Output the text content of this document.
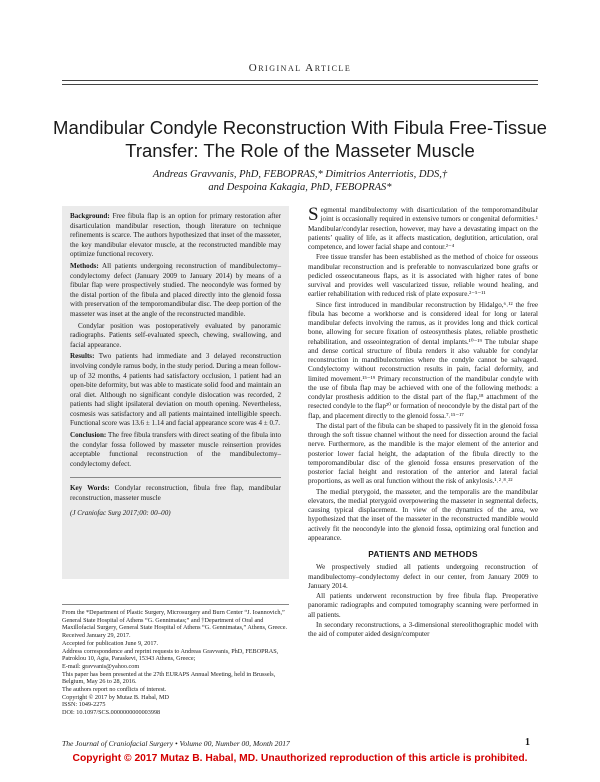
Original Article
Mandibular Condyle Reconstruction With Fibula Free-Tissue Transfer: The Role of the Masseter Muscle
Andreas Gravvanis, PhD, FEBOPRAS,* Dimitrios Anterriotis, DDS,†
and Despoina Kakagia, PhD, FEBOPRAS*

Background: Free fibula flap is an option for primary restoration after disarticulation mandibular resection, though literature on technique refinements is scarce. The authors hypothesized that inset of the masseter, the key mandibular elevator muscle, at the reconstructed mandible may optimize functional recovery.

Methods: All patients undergoing reconstruction of mandibulectomy–condylectomy defect (January 2009 to January 2014) by means of a fibular flap were prospectively studied. The neocondyle was formed by the distal portion of the fibula and placed directly into the glenoid fossa with preservation of the temporomandibular disc. The deep portion of the masseter was inset at the angle of the reconstructed mandible.

Condylar position was postoperatively evaluated by panoramic radiographs. Patients self-evaluated speech, chewing, swallowing, and facial appearance.

Results: Two patients had immediate and 3 delayed reconstruction involving condyle ramus body, in the study period. During a mean follow-up of 32 months, 4 patients had satisfactory occlusion, 1 patient had an open-bite deformity, but was able to masticate solid food and maintain an oral diet. Although no significant condyle dislocation was recorded, 2 patients had slight ipsilateral deviation on mouth opening. Nevertheless, cosmesis was satisfactory and all patients maintained intelligible speech. Functional score was 13.6 ± 1.14 and facial appearance score was 4 ± 0.7.

Conclusion: The free fibula transfers with direct seating of the fibula into the condylar fossa followed by masseter muscle reinsertion provides acceptable functional reconstruction of the mandibulectomy–condylectomy defect.

Key Words: Condylar reconstruction, fibula free flap, mandibular reconstruction, masseter muscle

(J Craniofac Surg 2017;00: 00–00)

From the *Department of Plastic Surgery, Microsurgery and Burn Center “J. Ioannovich,” General State Hospital of Athens “G. Gennimatas;” and †Department of Oral and Maxillofacial Surgery, General State Hospital of Athens “G. Gennimatas,” Athens, Greece.

Received January 29, 2017.

Accepted for publication June 9, 2017.

Address correspondence and reprint requests to Andreas Gravvanis, PhD, FEBOPRAS, Patroklou 10, Agia, Paraskevi, 15343 Athens, Greece;

E-mail: gravvanis@yahoo.com

This paper has been presented at the 27th EURAPS Annual Meeting, held in Brussels, Belgium, May 26 to 28, 2016.

The authors report no conflicts of interest.

Copyright © 2017 by Mutaz B. Habal, MD

ISSN: 1049-2275

DOI: 10.1097/SCS.0000000000003998

Segmental mandibulectomy with disarticulation of the temporomandibular joint is occasionally required in extensive tumors or congenital deformities.¹ Mandibular/condylar resection, however, may have a devastating impact on the patients’ quality of life, as it affects mastication, deglutition, articulation, oral competence, and lower facial shape and contour.²⁻⁴

Free tissue transfer has been established as the method of choice for osseous mandibular reconstruction and is preferable to nonvascularized bone grafts or pedicled osseocutaneous flaps, as it is associated with higher rates of bone survival and provides well vascularized tissue, reliable wound healing, and earlier rehabilitation with reduced risk of plate exposure.²⁻⁵⁻¹¹

Since first introduced in mandibular reconstruction by Hidalgo,⁶˒¹² the free fibula has become a workhorse and is considered ideal for long or lateral mandibular defects involving the ramus, as it provides long and thick cortical bone, allowing for secure fixation of osteosynthesis plates, reliable prosthetic rehabilitation, and osseointegration of dental implants.¹⁰⁻¹⁹ The tubular shape and dense cortical structure of fibula renders it also valuable for condylar reconstruction in mandibulectomies where the condyle cannot be salvaged. Condylectomy without reconstruction results in pain, facial deformity, and limited movement.¹⁵⁻¹⁹ Primary reconstruction of the mandibular condyle with the use of fibula flap may be achieved with one of the following methods: a condylar prosthesis addition to the distal part of the flap,¹⁸ attachment of the resected condyle to the flap²⁰ or formation of neocondyle by the distal part of the flap, and placement directly to the glenoid fossa.⁷˒¹⁵⁻¹⁷

The distal part of the fibula can be shaped to passively fit in the glenoid fossa through the soft tissue channel without the need for dissection around the facial nerve. Furthermore, as the mandible is the major element of the anterior and posterior lower facial height, the adaptation of the fibula directly to the temporomandibular disc of the glenoid fossa ensures preservation of the posterior facial height and restoration of the anterior and lateral facial proportions, as well as oral function without the risk of ankylosis.¹˒²˒⁸˒²²

The medial pterygoid, the masseter, and the temporalis are the mandibular elevators, the medial pterygoid overpowering the masseter in segmental defects, causing typical displacement. In view of the dynamics of the area, we hypothesized that the inset of the masseter in the reconstructed mandible would actively fit the neocondyle into the glenoid fossa, optimizing oral function and appearance.

PATIENTS AND METHODS

We prospectively studied all patients undergoing reconstruction of mandibulectomy–condylectomy defect in our center, from January 2009 to January 2014.

All patients underwent reconstruction by free fibula flap. Preoperative panoramic radiographs and computed tomography scanning were performed in all patients.

In secondary reconstructions, a 3-dimensional stereolithographic model with the aid of computer aided design/computer

The Journal of Craniofacial Surgery • Volume 00, Number 00, Month 2017	1
Copyright © 2017 Mutaz B. Habal, MD. Unauthorized reproduction of this article is prohibited.
